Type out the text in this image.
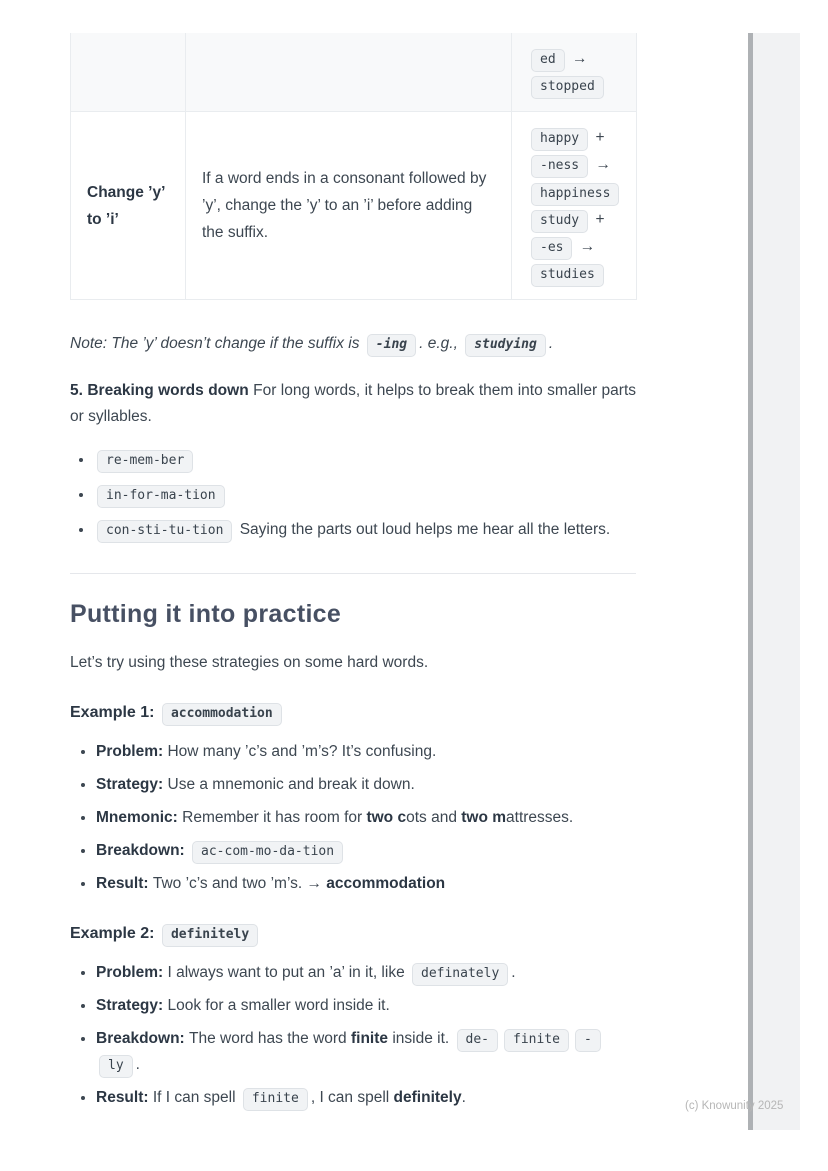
		ed →
stopped
Change ’y’ to ’i’	If a word ends in a consonant followed by ’y’, change the ’y’ to an ’i’ before adding the suffix.	happy +
-ness →
happiness
study +
-es →
studies

Note: The ’y’ doesn’t change if the suffix is -ing . e.g., studying .

5. Breaking words down For long words, it helps to break them into smaller parts or syllables.

• re-mem-ber
• in-for-ma-tion
• con-sti-tu-tion Saying the parts out loud helps me hear all the letters.
Putting it into practice

Let’s try using these strategies on some hard words.

Example 1: accommodation

• Problem: How many ’c’s and ’m’s? It’s confusing.
• Strategy: Use a mnemonic and break it down.
• Mnemonic: Remember it has room for two cots and two mattresses.
• Breakdown: ac-com-mo-da-tion
• Result: Two ’c’s and two ’m’s. → accommodation

Example 2: definitely

• Problem: I always want to put an ’a’ in it, like definately .
• Strategy: Look for a smaller word inside it.
• Breakdown: The word has the word finite inside it. de- finite -
ly .
• Result: If I can spell finite , I can spell definitely.	(c) Knowunity 2025
